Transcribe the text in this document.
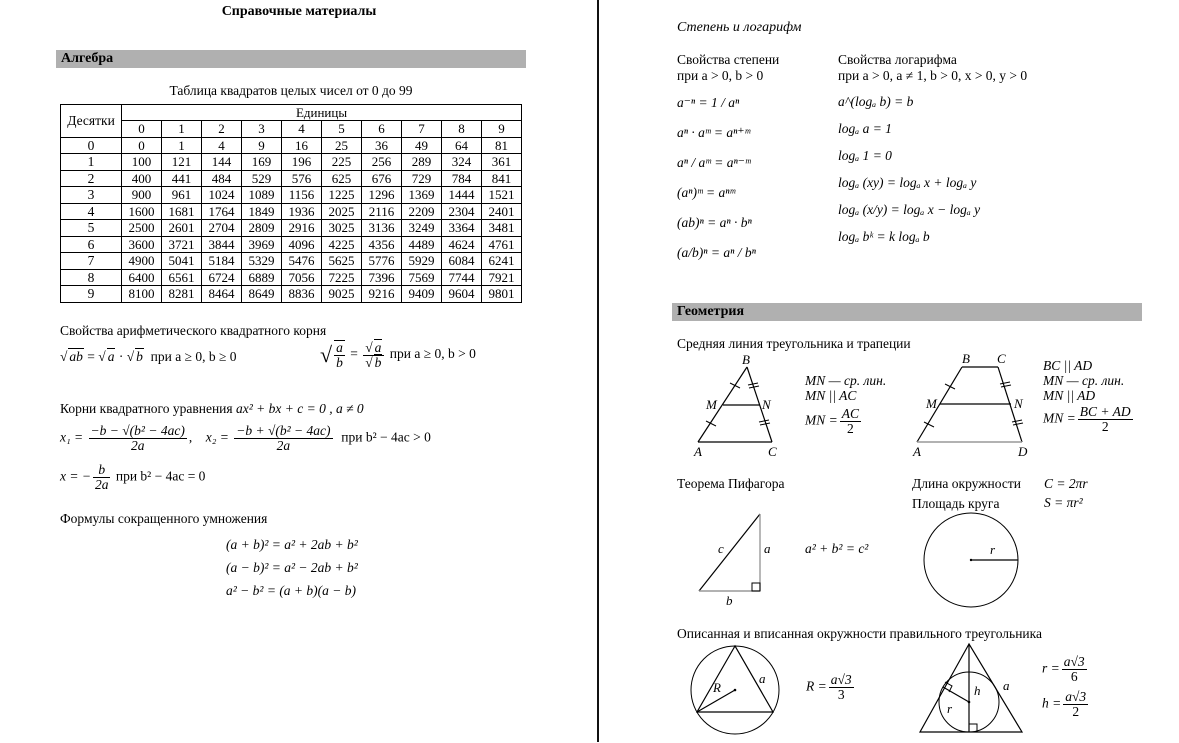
Справочные материалы
Алгебра
Таблица квадратов целых чисел от 0 до 99
Десятки	Единицы									
	0	1	2	3	4	5	6	7	8	9
0	0	1	4	9	16	25	36	49	64	81
1	100	121	144	169	196	225	256	289	324	361
2	400	441	484	529	576	625	676	729	784	841
3	900	961	1024	1089	1156	1225	1296	1369	1444	1521
4	1600	1681	1764	1849	1936	2025	2116	2209	2304	2401
5	2500	2601	2704	2809	2916	3025	3136	3249	3364	3481
6	3600	3721	3844	3969	4096	4225	4356	4489	4624	4761
7	4900	5041	5184	5329	5476	5625	5776	5929	6084	6241
8	6400	6561	6724	6889	7056	7225	7396	7569	7744	7921
9	8100	8281	8464	8649	8836	9025	9216	9409	9604	9801
Свойства арифметического квадратного корня
√ ab = √ a · √ b при a ≥ 0, b ≥ 0	√ $\frac{a}{b} = \frac{√ a}{√ b}$ при a ≥ 0, b > 0
Корни квадратного уравнения ax² + bx + c = 0 , a ≠ 0
$x_1 = \frac{\text{−b − √(b² − 4ac)}}{2a}$ ,    $x_2 = \frac{\text{−b + √(b² − 4ac)}}{2a}$ при b² − 4ac > 0
x = − $\frac{b}{2a}$ при b² − 4ac = 0
Формулы сокращенного умножения
(a + b)² = a² + 2ab + b²
(a − b)² = a² − 2ab + b²
a² − b² = (a + b)(a − b)
Степень и логарифм
Свойства степени
при a > 0, b > 0
a⁻ⁿ = 1 / aⁿ
aⁿ · aᵐ = aⁿ⁺ᵐ
aⁿ / aᵐ = aⁿ⁻ᵐ
(aⁿ)ᵐ = aⁿᵐ
(ab)ⁿ = aⁿ · bⁿ
(a/b)ⁿ = aⁿ / bⁿ
Свойства логарифма
при a > 0, a ≠ 1, b > 0, x > 0, y > 0
a^(logₐ b) = b
logₐ a = 1
logₐ 1 = 0
logₐ (xy) = logₐ x + logₐ y
logₐ (x/y) = logₐ x − logₐ y
logₐ bᵏ = k logₐ b
Геометрия
Средняя линия треугольника и трапеции
B
M	N
A	C
MN — ср. лин.
MN || AC
MN = $\frac{AC}{2}$
B C
M	N
A	D
BC || AD
MN — ср. лин.
MN || AD
MN = $\frac{BC + AD}{2}$
Теорема Пифагора
c	a
b
a² + b² = c²
Длина окружности C = 2πr
Площадь круга	S = πr²
r
Описанная и вписанная окружности правильного треугольника
R
a
$R = \frac{a√3}{3}$
r
h a
$r = \frac{a√3}{6}$
$h = \frac{a√3}{2}$
